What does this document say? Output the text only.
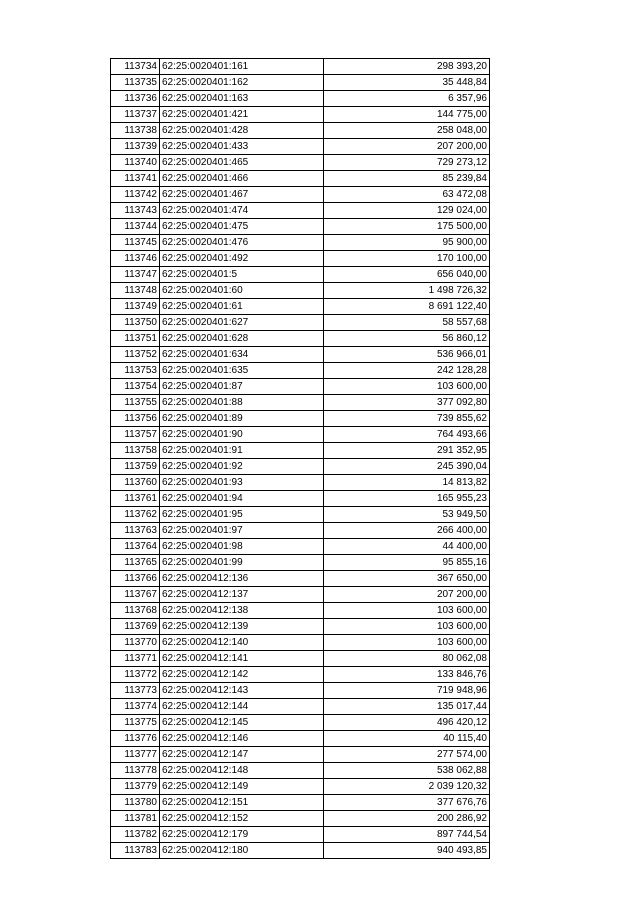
113734	62:25:0020401:161	298 393,20
113735	62:25:0020401:162	35 448,84
113736	62:25:0020401:163	6 357,96
113737	62:25:0020401:421	144 775,00
113738	62:25:0020401:428	258 048,00
113739	62:25:0020401:433	207 200,00
113740	62:25:0020401:465	729 273,12
113741	62:25:0020401:466	85 239,84
113742	62:25:0020401:467	63 472,08
113743	62:25:0020401:474	129 024,00
113744	62:25:0020401:475	175 500,00
113745	62:25:0020401:476	95 900,00
113746	62:25:0020401:492	170 100,00
113747	62:25:0020401:5	656 040,00
113748	62:25:0020401:60	1 498 726,32
113749	62:25:0020401:61	8 691 122,40
113750	62:25:0020401:627	58 557,68
113751	62:25:0020401:628	56 860,12
113752	62:25:0020401:634	536 966,01
113753	62:25:0020401:635	242 128,28
113754	62:25:0020401:87	103 600,00
113755	62:25:0020401:88	377 092,80
113756	62:25:0020401:89	739 855,62
113757	62:25:0020401:90	764 493,66
113758	62:25:0020401:91	291 352,95
113759	62:25:0020401:92	245 390,04
113760	62:25:0020401:93	14 813,82
113761	62:25:0020401:94	165 955,23
113762	62:25:0020401:95	53 949,50
113763	62:25:0020401:97	266 400,00
113764	62:25:0020401:98	44 400,00
113765	62:25:0020401:99	95 855,16
113766	62:25:0020412:136	367 650,00
113767	62:25:0020412:137	207 200,00
113768	62:25:0020412:138	103 600,00
113769	62:25:0020412:139	103 600,00
113770	62:25:0020412:140	103 600,00
113771	62:25:0020412:141	80 062,08
113772	62:25:0020412:142	133 846,76
113773	62:25:0020412:143	719 948,96
113774	62:25:0020412:144	135 017,44
113775	62:25:0020412:145	496 420,12
113776	62:25:0020412:146	40 115,40
113777	62:25:0020412:147	277 574,00
113778	62:25:0020412:148	538 062,88
113779	62:25:0020412:149	2 039 120,32
113780	62:25:0020412:151	377 676,76
113781	62:25:0020412:152	200 286,92
113782	62:25:0020412:179	897 744,54
113783	62:25:0020412:180	940 493,85
